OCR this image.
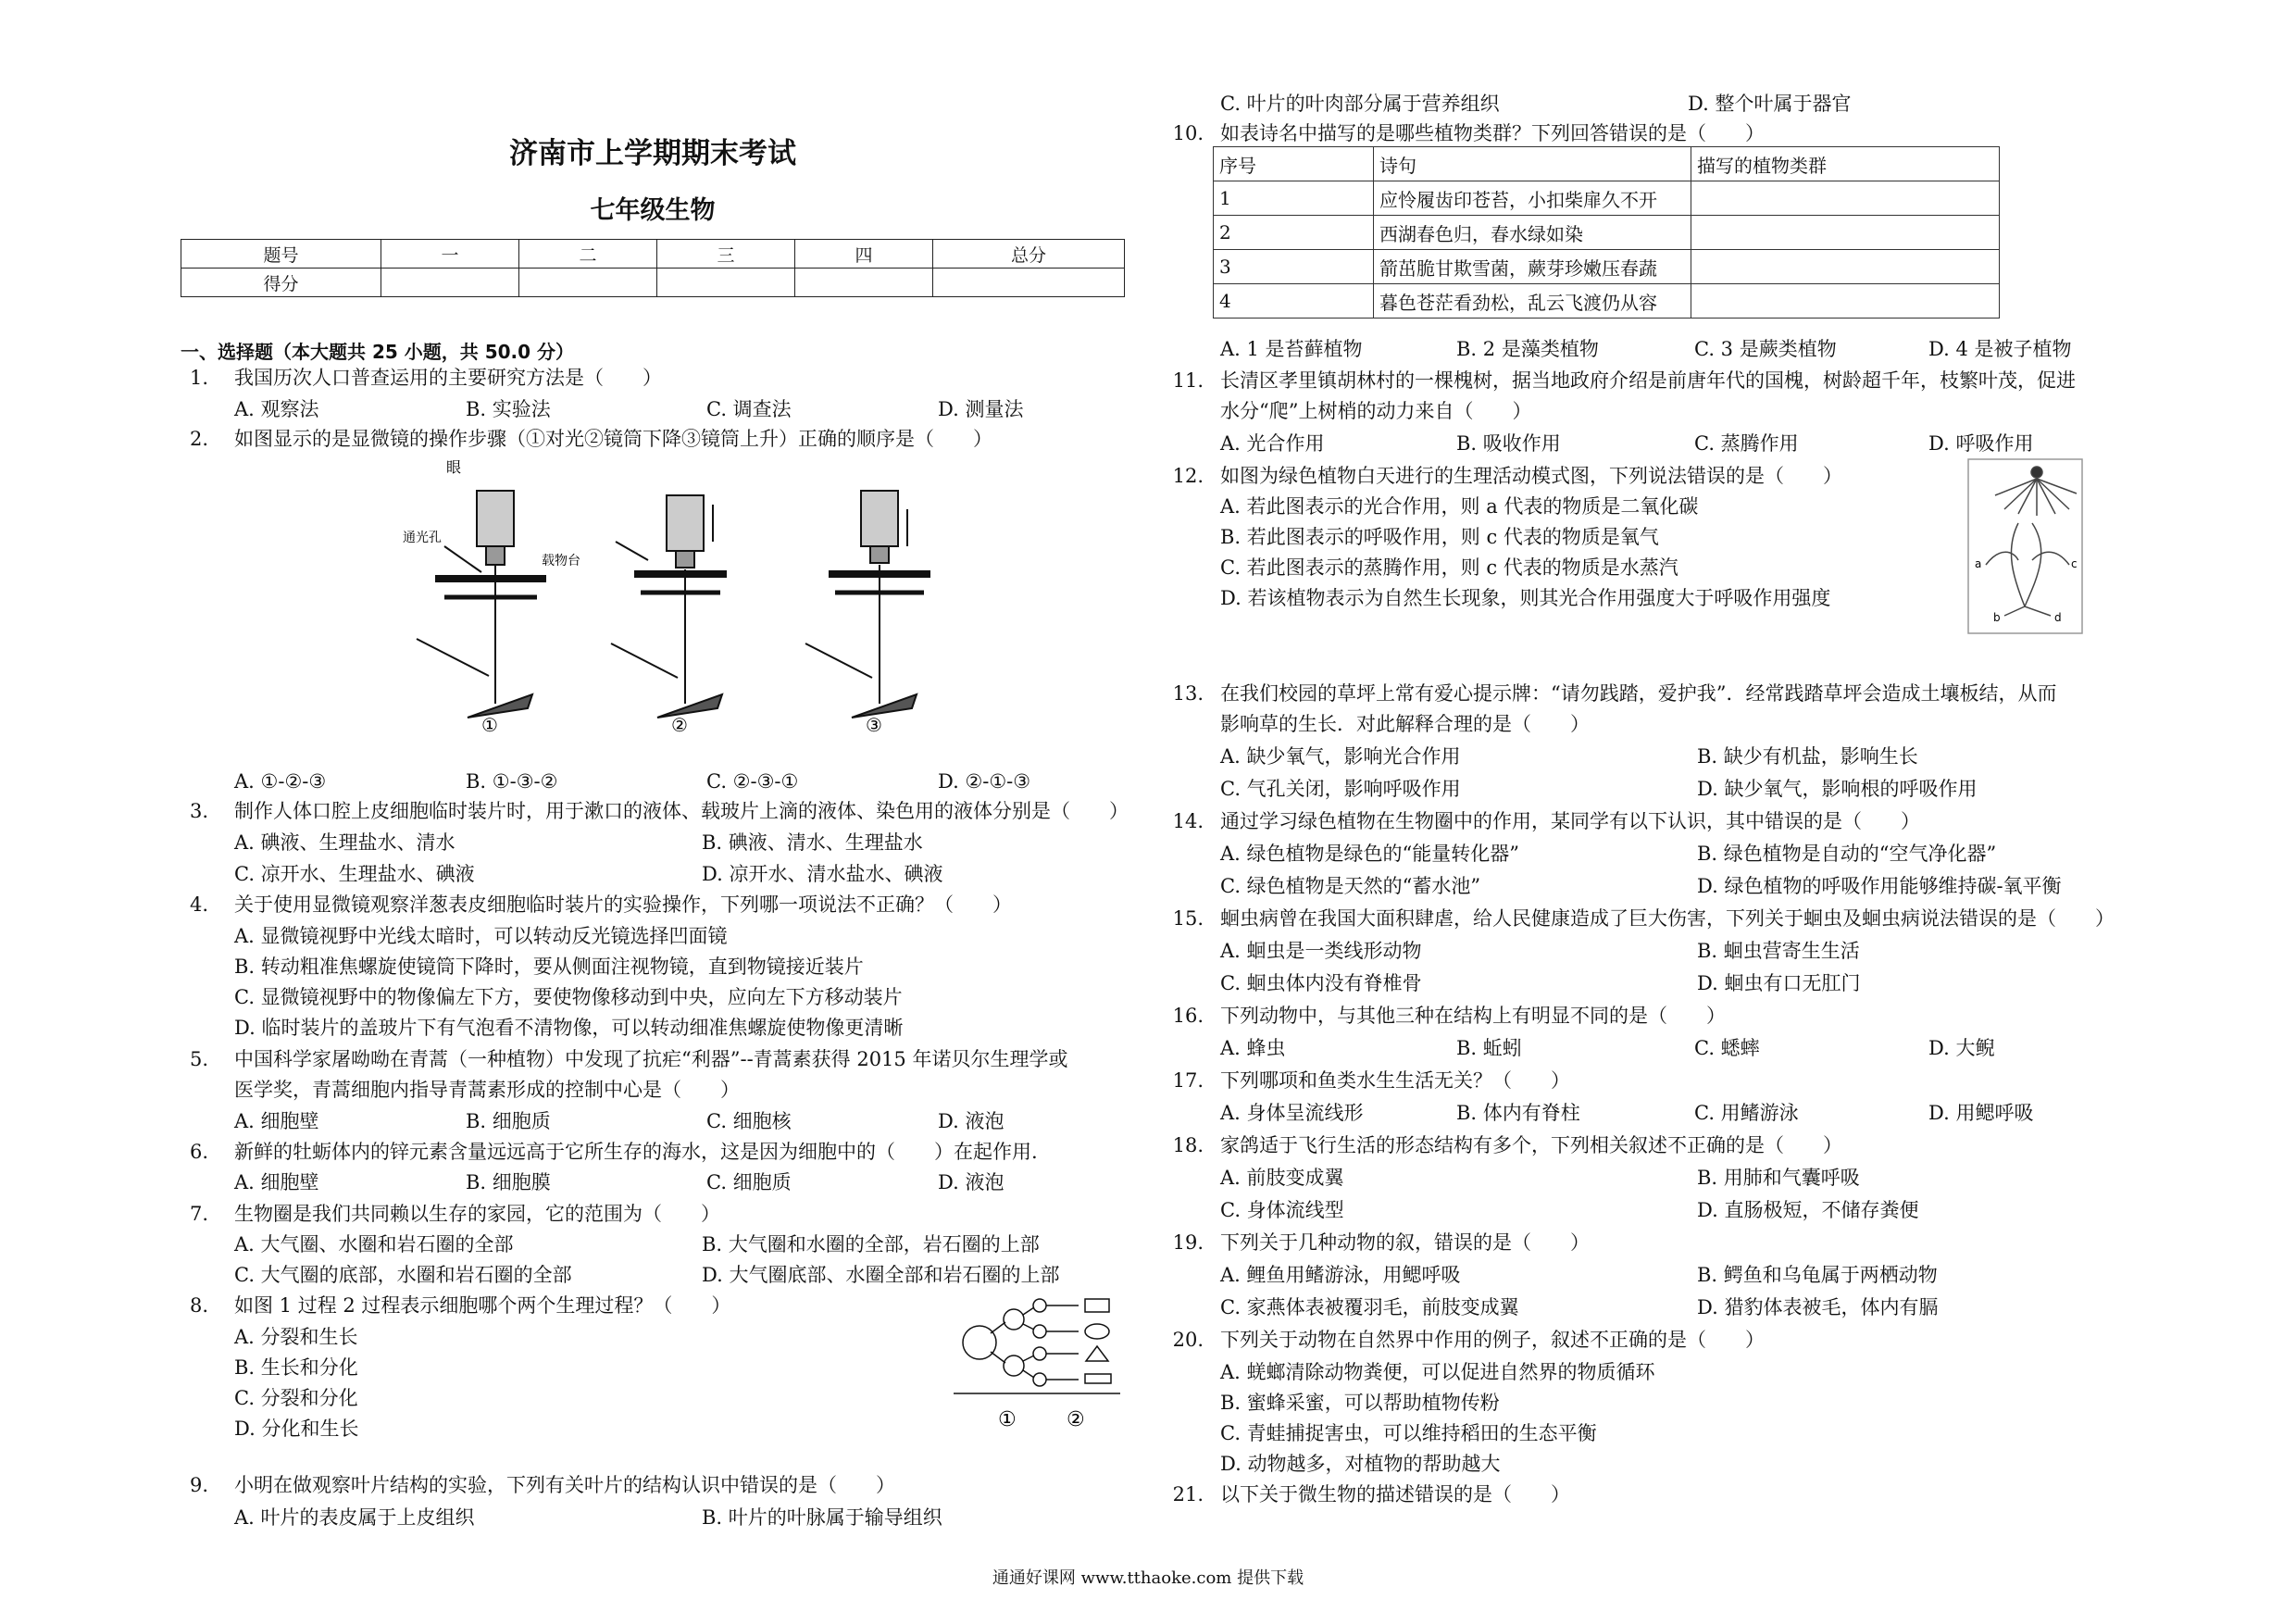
济南市上学期期末考试
七年级生物
题号	一	二	三	四	总分
得分					
一、选择题（本大题共 25 小题，共 50.0 分）
1. 我国历次人口普查运用的主要研究方法是（　　）
A. 观察法	B. 实验法	C. 调查法	D. 测量法
2. 如图显示的是显微镜的操作步骤（①对光②镜筒下降③镜筒上升）正确的顺序是（　　）
眼
通光孔
载物台
①	②	③
A. ①-②-③	B. ①-③-②	C. ②-③-①	D. ②-①-③
3. 制作人体口腔上皮细胞临时装片时，用于漱口的液体、载玻片上滴的液体、染色用的液体分别是（　　）
A. 碘液、生理盐水、清水	B. 碘液、清水、生理盐水
C. 凉开水、生理盐水、碘液	D. 凉开水、清水盐水、碘液
4. 关于使用显微镜观察洋葱表皮细胞临时装片的实验操作，下列哪一项说法不正确？（　　）
A. 显微镜视野中光线太暗时，可以转动反光镜选择凹面镜
B. 转动粗准焦螺旋使镜筒下降时，要从侧面注视物镜，直到物镜接近装片
C. 显微镜视野中的物像偏左下方，要使物像移动到中央，应向左下方移动装片
D. 临时装片的盖玻片下有气泡看不清物像，可以转动细准焦螺旋使物像更清晰
5. 中国科学家屠呦呦在青蒿（一种植物）中发现了抗疟“利器”--青蒿素获得 2015 年诺贝尔生理学或
医学奖，青蒿细胞内指导青蒿素形成的控制中心是（　　）
A. 细胞壁	B. 细胞质	C. 细胞核	D. 液泡
6. 新鲜的牡蛎体内的锌元素含量远远高于它所生存的海水，这是因为细胞中的（　　）在起作用.
A. 细胞壁	B. 细胞膜	C. 细胞质	D. 液泡
7. 生物圈是我们共同赖以生存的家园，它的范围为（　　）
A. 大气圈、水圈和岩石圈的全部	B. 大气圈和水圈的全部，岩石圈的上部
C. 大气圈的底部，水圈和岩石圈的全部	D. 大气圈底部、水圈全部和岩石圈的上部
8. 如图 1 过程 2 过程表示细胞哪个两个生理过程？（　　）
A. 分裂和生长
B. 生长和分化
C. 分裂和分化
D. 分化和生长	① ②
9. 小明在做观察叶片结构的实验，下列有关叶片的结构认识中错误的是（　　）
A. 叶片的表皮属于上皮组织	B. 叶片的叶脉属于输导组织
C. 叶片的叶肉部分属于营养组织	D. 整个叶属于器官
10. 如表诗名中描写的是哪些植物类群？下列回答错误的是（　　）
序号	诗句	描写的植物类群
1	应怜履齿印苍苔，小扣柴扉久不开	
2	西湖春色归，春水绿如染	
3	箭茁脆甘欺雪菌，蕨芽珍嫩压春蔬	
4	暮色苍茫看劲松，乱云飞渡仍从容	
A. 1 是苔藓植物	B. 2 是藻类植物	C. 3 是蕨类植物	D. 4 是被子植物
11. 长清区孝里镇胡林村的一棵槐树，据当地政府介绍是前唐年代的国槐，树龄超千年，枝繁叶茂，促进
水分“爬”上树梢的动力来自（　　）
A. 光合作用	B. 吸收作用	C. 蒸腾作用	D. 呼吸作用
12. 如图为绿色植物白天进行的生理活动模式图，下列说法错误的是（　　）
A. 若此图表示的光合作用，则 a 代表的物质是二氧化碳
B. 若此图表示的呼吸作用，则 c 代表的物质是氧气
C. 若此图表示的蒸腾作用，则 c 代表的物质是水蒸汽
D. 若该植物表示为自然生长现象，则其光合作用强度大于呼吸作用强度
a	c
b	d
13. 在我们校园的草坪上常有爱心提示牌：“请勿践踏，爱护我”．经常践踏草坪会造成土壤板结，从而
影响草的生长．对此解释合理的是（　　）
A. 缺少氧气，影响光合作用	B. 缺少有机盐，影响生长
C. 气孔关闭，影响呼吸作用	D. 缺少氧气，影响根的呼吸作用
14. 通过学习绿色植物在生物圈中的作用，某同学有以下认识，其中错误的是（　　）
A. 绿色植物是绿色的“能量转化器”	B. 绿色植物是自动的“空气净化器”
C. 绿色植物是天然的“蓄水池”	D. 绿色植物的呼吸作用能够维持碳-氧平衡
15. 蛔虫病曾在我国大面积肆虐，给人民健康造成了巨大伤害，下列关于蛔虫及蛔虫病说法错误的是（　　）
A. 蛔虫是一类线形动物	B. 蛔虫营寄生生活
C. 蛔虫体内没有脊椎骨	D. 蛔虫有口无肛门
16. 下列动物中，与其他三种在结构上有明显不同的是（　　）
A. 蜂虫	B. 蚯蚓	C. 蟋蟀	D. 大鲵
17. 下列哪项和鱼类水生生活无关？（　　）
A. 身体呈流线形	B. 体内有脊柱	C. 用鳍游泳	D. 用鳃呼吸
18. 家鸽适于飞行生活的形态结构有多个，下列相关叙述不正确的是（　　）
A. 前肢变成翼	B. 用肺和气囊呼吸
C. 身体流线型	D. 直肠极短，不储存粪便
19. 下列关于几种动物的叙，错误的是（　　）
A. 鲤鱼用鳍游泳，用鳃呼吸	B. 鳄鱼和乌龟属于两栖动物
C. 家燕体表被覆羽毛，前肢变成翼	D. 猎豹体表被毛，体内有膈
20. 下列关于动物在自然界中作用的例子，叙述不正确的是（　　）
A. 蜣螂清除动物粪便，可以促进自然界的物质循环
B. 蜜蜂采蜜，可以帮助植物传粉
C. 青蛙捕捉害虫，可以维持稻田的生态平衡
D. 动物越多，对植物的帮助越大
21. 以下关于微生物的描述错误的是（　　）
通通好课网 www.tthaoke.com 提供下载
